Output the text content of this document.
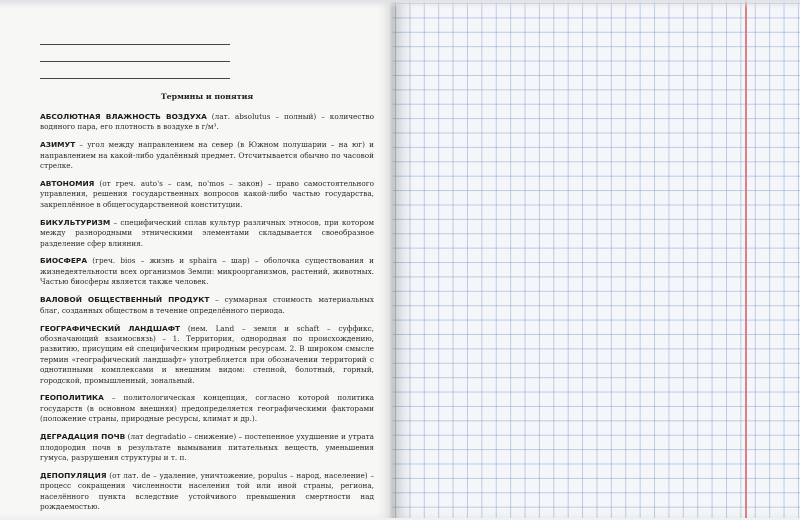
Термины и понятия

АБСОЛЮТНАЯ ВЛАЖНОСТЬ ВОЗДУХА (лат. absolutus – полный) – количество водяного пара, его плотность в воздухе в г/м³.

АЗИМУТ – угол между направлением на север (в Южном полушарии – на юг) и направлением на какой-либо удалённый предмет. Отсчитывается обычно по часовой стрелке.

АВТОНОМИЯ (от греч. auto's – сам, no'mos – закон) – право самостоятельного управления, решения государственных вопросов какой-либо частью государства, закреплённое в общегосударственной конституции.

БИКУЛЬТУРИЗМ – специфический сплав культур различных этносов, при котором между разнородными этническими элементами складывается своеобразное разделение сфер влияния.

БИОСФЕРА (греч. bios – жизнь и sphaira – шар) – оболочка существования и жизнедеятельности всех организмов Земли: микроорганизмов, растений, животных. Частью биосферы является также человек.

ВАЛОВОЙ ОБЩЕСТВЕННЫЙ ПРОДУКТ – суммарная стоимость материальных благ, созданных обществом в течение определённого периода.

ГЕОГРАФИЧЕСКИЙ ЛАНДШАФТ (нем. Land – земля и schaft – суффикс, обозначающий взаимосвязь) – 1. Территория, однородная по происхождению, развитию, присущим ей специфическим природным ресурсам. 2. В широком смысле термин «географический ландшафт» употребляется при обозначении территорий с однотипными комплексами и внешним видом: степной, болотный, горный, городской, промышленный, зональный.

ГЕОПОЛИТИКА – политологическая концепция, согласно которой политика государств (в основном внешняя) предопределяется географическими факторами (положение страны, природные ресурсы, климат и др.).

ДЕГРАДАЦИЯ ПОЧВ (лат degradatio – снижение) – постепенное ухудшение и утрата плодородия почв в результате вымывания питательных веществ, уменьшения гумуса, разрушения структуры и т. п.

ДЕПОПУЛЯЦИЯ (от лат. de – удаление, уничтожение, populus – народ, население) – процесс сокращения численности населения той или иной страны, региона, населённого пункта вследствие устойчивого превышения смертности над рождаемостью.
